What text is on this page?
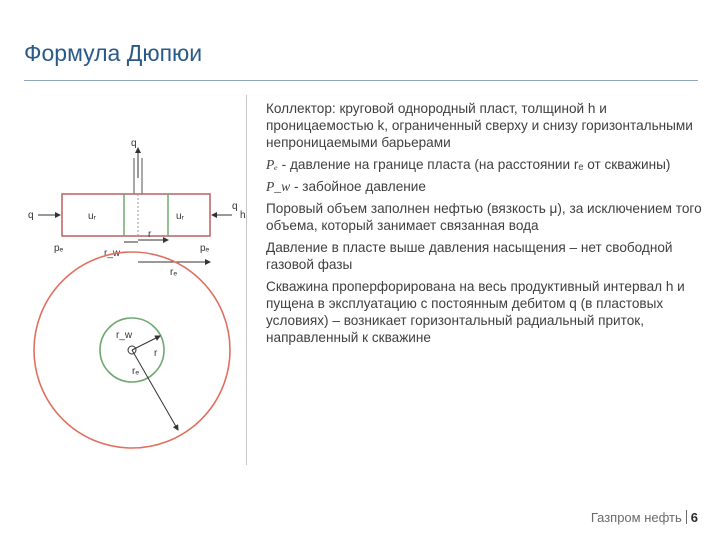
Формула Дюпюи
q
uᵣ	uᵣ
q
q
h
pₑ	pₑ
r_w
r
rₑ
r_w
r
rₑ

Коллектор: круговой однородный пласт, толщиной h и проницаемостью k, ограниченный сверху и снизу горизонтальными непроницаемыми барьерами

Pₑ - давление на границе пласта (на расстоянии rₑ от скважины)

P_w - забойное давление

Поровый объем заполнен нефтью (вязкость μ), за исключением того объема, который занимает связанная вода

Давление в пласте выше давления насыщения – нет свободной газовой фазы

Скважина проперфорирована на весь продуктивный интервал h и пущена в эксплуатацию с постоянным дебитом q (в пластовых условиях) – возникает горизонтальный радиальный приток, направленный к скважине

Газпром нефть 6
